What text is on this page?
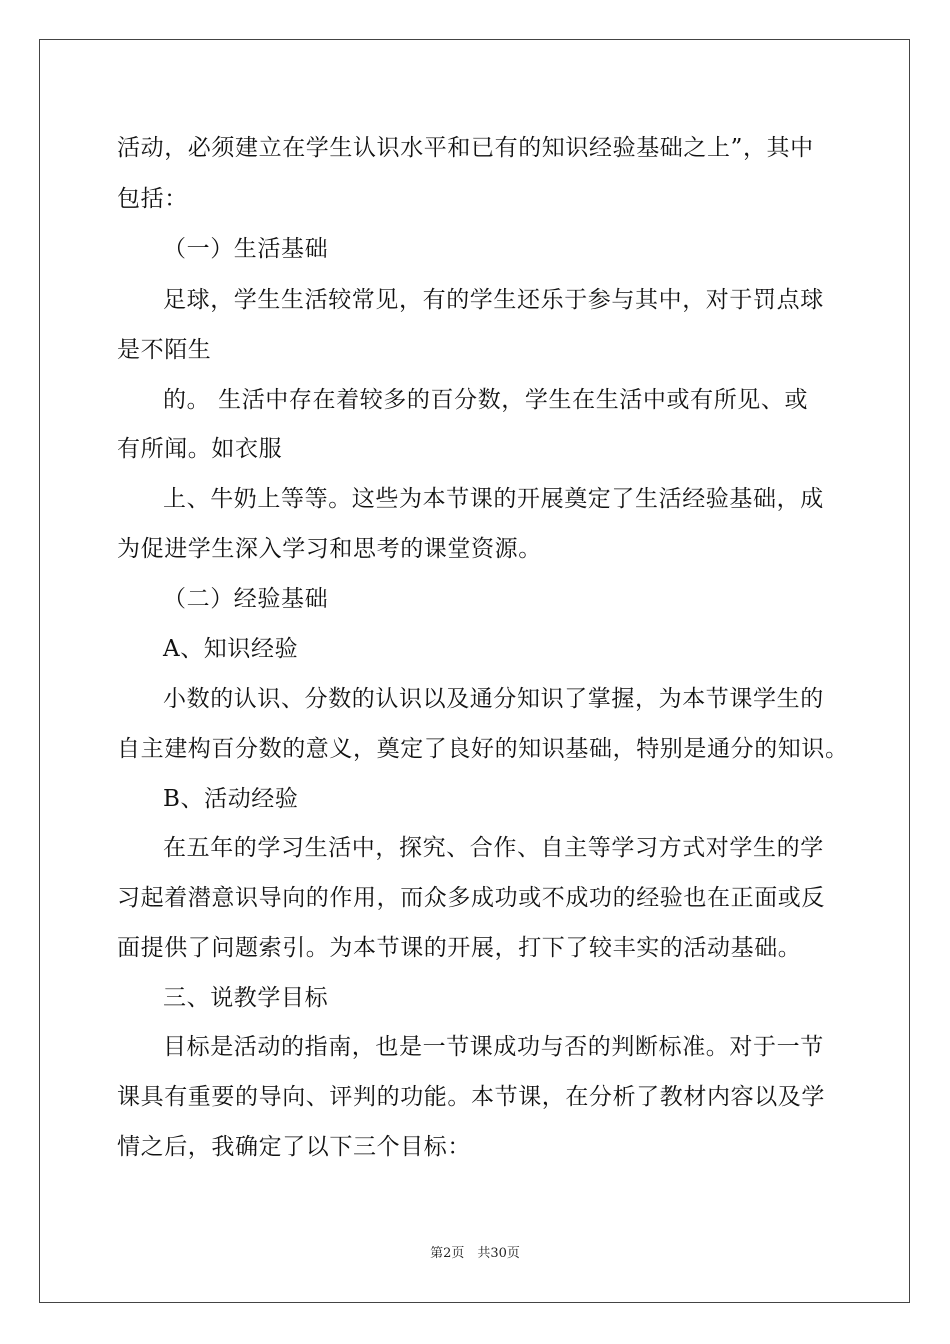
活动，必须建立在学生认识水平和已有的知识经验基础之上”，其中
包括：
（一）生活基础
足球，学生生活较常见，有的学生还乐于参与其中，对于罚点球
是不陌生
的。 生活中存在着较多的百分数，学生在生活中或有所见、或
有所闻。如衣服
上、牛奶上等等。这些为本节课的开展奠定了生活经验基础，成
为促进学生深入学习和思考的课堂资源。
（二）经验基础
A、知识经验
小数的认识、分数的认识以及通分知识了掌握，为本节课学生的
自主建构百分数的意义，奠定了良好的知识基础，特别是通分的知识。
B、活动经验
在五年的学习生活中，探究、合作、自主等学习方式对学生的学
习起着潜意识导向的作用，而众多成功或不成功的经验也在正面或反
面提供了问题索引。为本节课的开展，打下了较丰实的活动基础。
三、说教学目标
目标是活动的指南，也是一节课成功与否的判断标准。对于一节
课具有重要的导向、评判的功能。本节课，在分析了教材内容以及学
情之后，我确定了以下三个目标：
第2页　共30页
